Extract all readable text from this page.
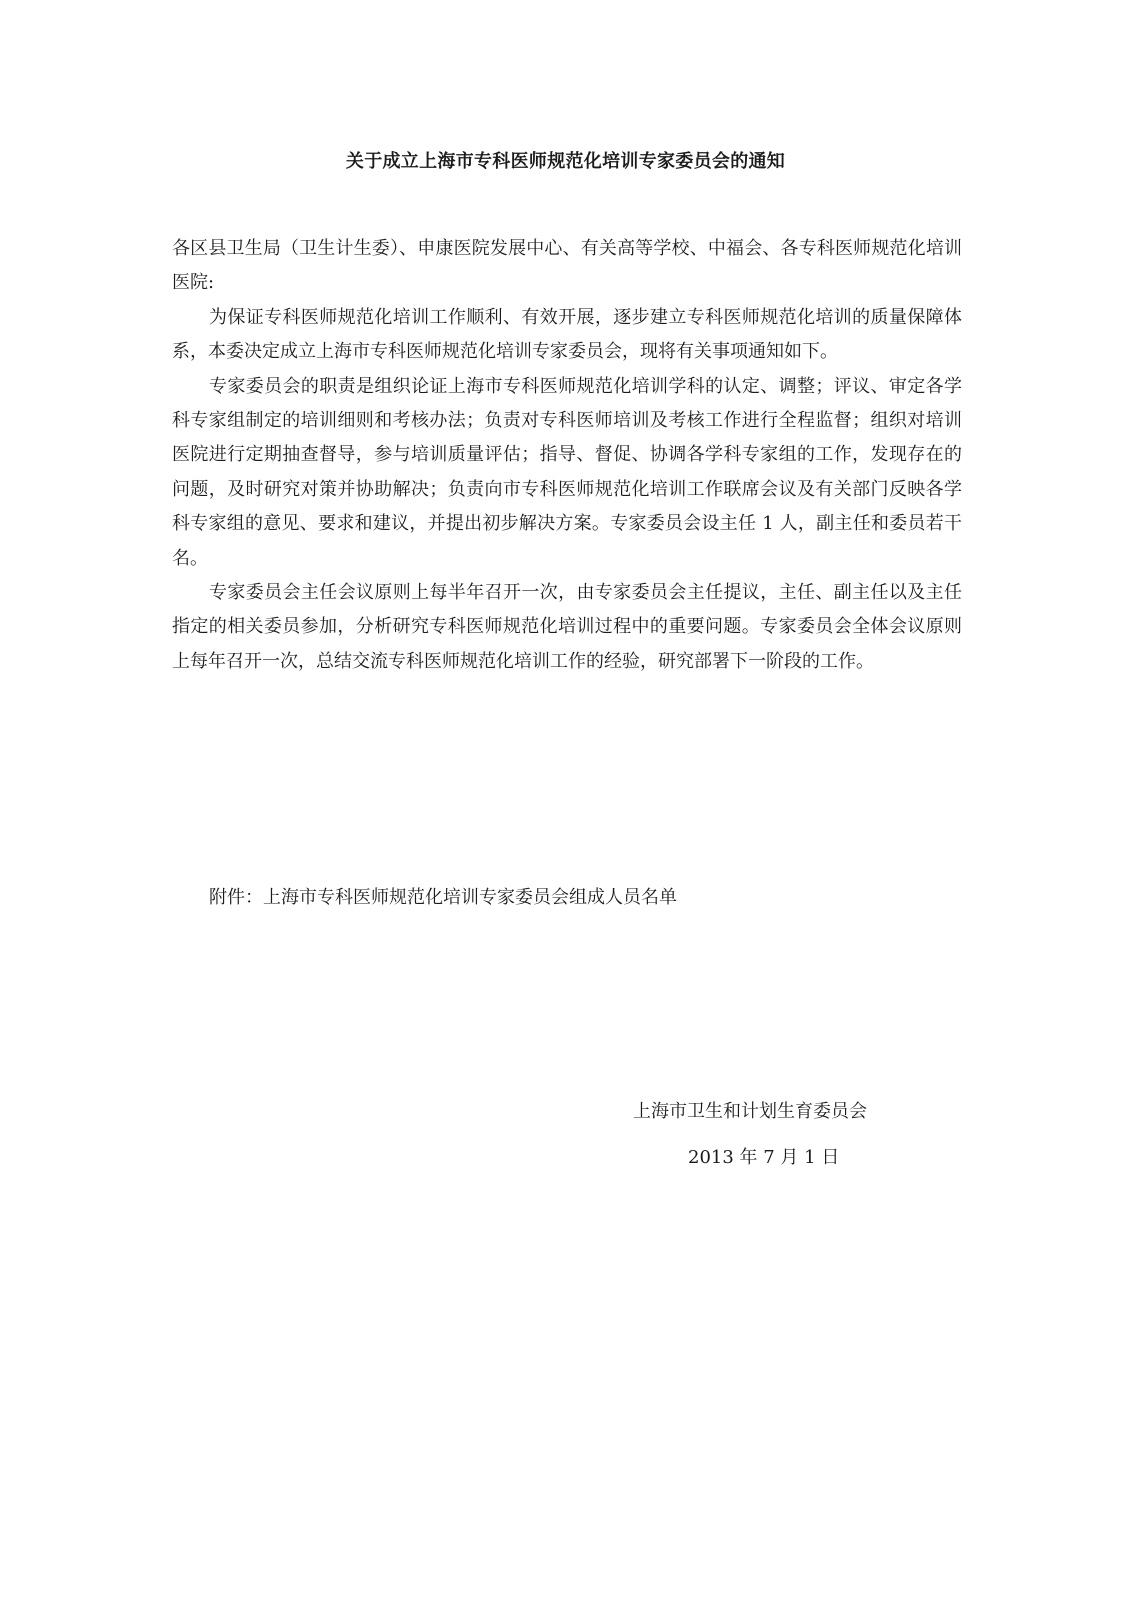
关于成立上海市专科医师规范化培训专家委员会的通知

各区县卫生局（卫生计生委）、申康医院发展中心、有关高等学校、中福会、各专科医师规范化培训医院:

为保证专科医师规范化培训工作顺利、有效开展，逐步建立专科医师规范化培训的质量保障体系，本委决定成立上海市专科医师规范化培训专家委员会，现将有关事项通知如下。

专家委员会的职责是组织论证上海市专科医师规范化培训学科的认定、调整；评议、审定各学科专家组制定的培训细则和考核办法；负责对专科医师培训及考核工作进行全程监督；组织对培训医院进行定期抽查督导，参与培训质量评估；指导、督促、协调各学科专家组的工作，发现存在的问题，及时研究对策并协助解决；负责向市专科医师规范化培训工作联席会议及有关部门反映各学科专家组的意见、要求和建议，并提出初步解决方案。专家委员会设主任 1 人，副主任和委员若干名。

专家委员会主任会议原则上每半年召开一次，由专家委员会主任提议，主任、副主任以及主任指定的相关委员参加，分析研究专科医师规范化培训过程中的重要问题。专家委员会全体会议原则上每年召开一次，总结交流专科医师规范化培训工作的经验，研究部署下一阶段的工作。

附件：上海市专科医师规范化培训专家委员会组成人员名单
上海市卫生和计划生育委员会
2013 年 7 月 1 日
